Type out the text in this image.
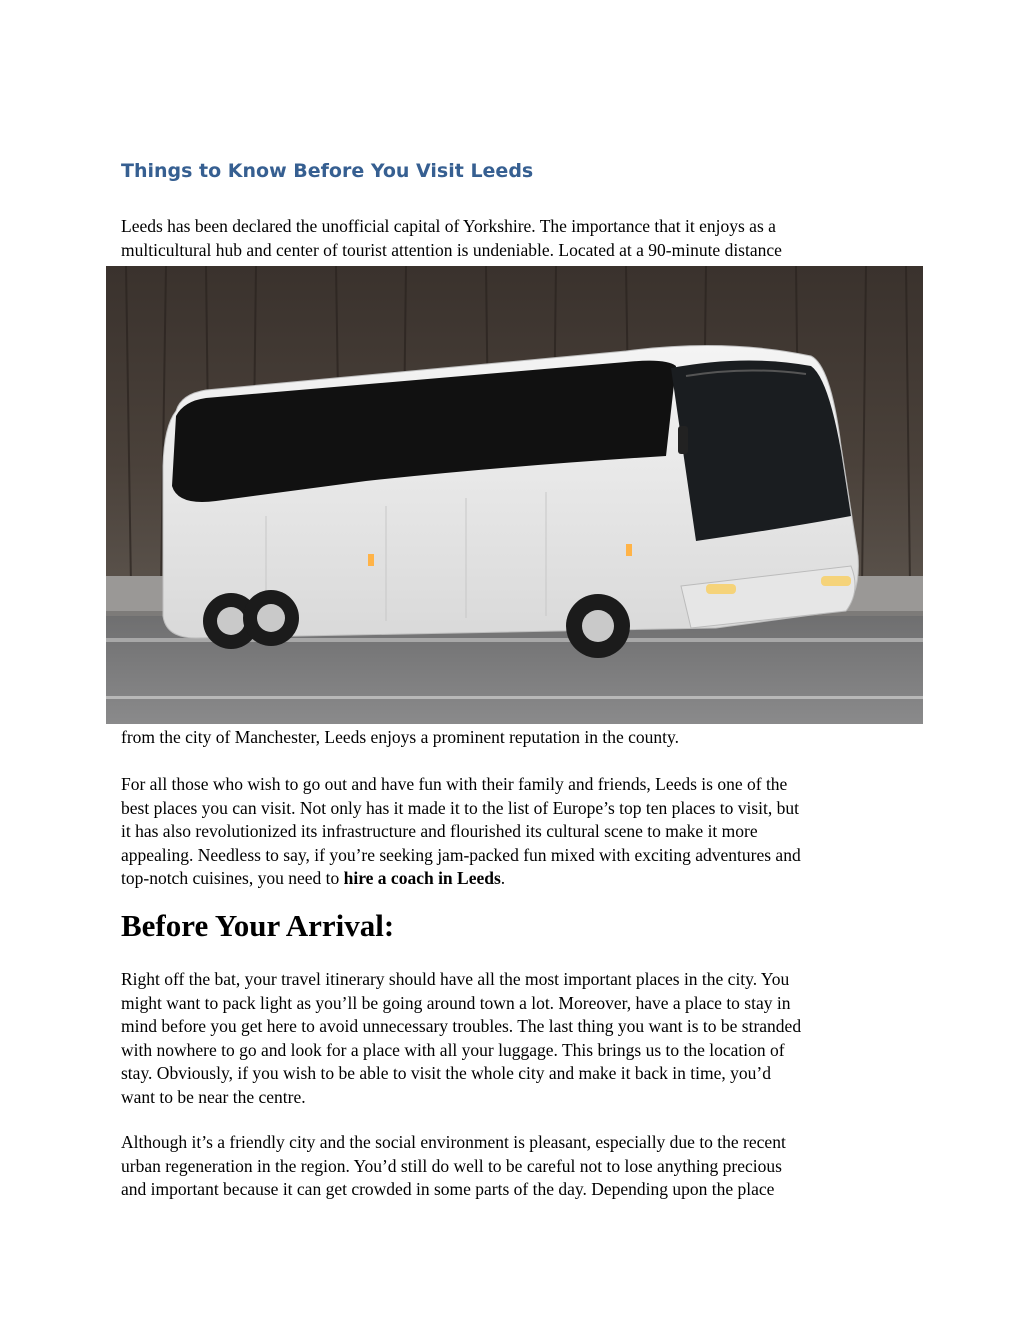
Things to Know Before You Visit Leeds

Leeds has been declared the unofficial capital of Yorkshire. The importance that it enjoys as a
multicultural hub and center of tourist attention is undeniable. Located at a 90-minute distance

from the city of Manchester, Leeds enjoys a prominent reputation in the county.

For all those who wish to go out and have fun with their family and friends, Leeds is one of the
best places you can visit. Not only has it made it to the list of Europe’s top ten places to visit, but
it has also revolutionized its infrastructure and flourished its cultural scene to make it more
appealing. Needless to say, if you’re seeking jam-packed fun mixed with exciting adventures and
top-notch cuisines, you need to hire a coach in Leeds.

Before Your Arrival:

Right off the bat, your travel itinerary should have all the most important places in the city. You
might want to pack light as you’ll be going around town a lot. Moreover, have a place to stay in
mind before you get here to avoid unnecessary troubles. The last thing you want is to be stranded
with nowhere to go and look for a place with all your luggage. This brings us to the location of
stay. Obviously, if you wish to be able to visit the whole city and make it back in time, you’d
want to be near the centre.

Although it’s a friendly city and the social environment is pleasant, especially due to the recent
urban regeneration in the region. You’d still do well to be careful not to lose anything precious
and important because it can get crowded in some parts of the day. Depending upon the place
